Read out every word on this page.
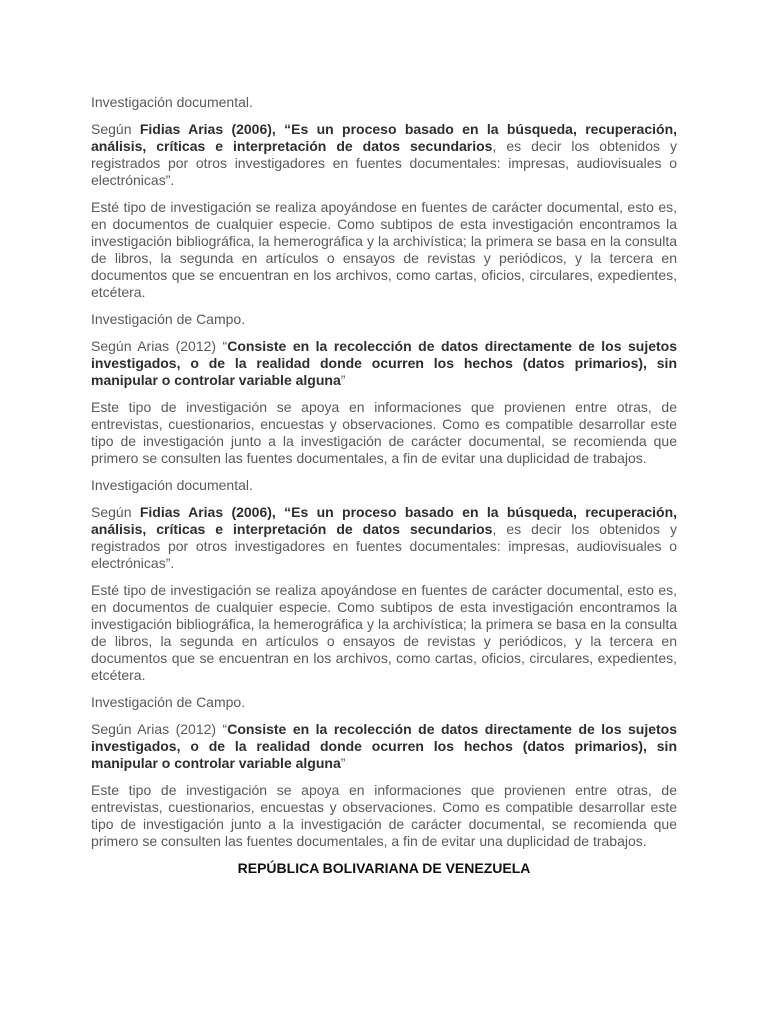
Investigación documental.
Según Fidias Arias (2006), “Es un proceso basado en la búsqueda, recuperación, análisis, críticas e interpretación de datos secundarios, es decir los obtenidos y registrados por otros investigadores en fuentes documentales: impresas, audiovisuales o electrónicas”.
Esté tipo de investigación se realiza apoyándose en fuentes de carácter documental, esto es, en documentos de cualquier especie. Como subtipos de esta investigación encontramos la investigación bibliográfica, la hemerográfica y la archivística; la primera se basa en la consulta de libros, la segunda en artículos o ensayos de revistas y periódicos, y la tercera en documentos que se encuentran en los archivos, como cartas, oficios, circulares, expedientes, etcétera.
Investigación de Campo.
Según Arias (2012) “Consiste en la recolección de datos directamente de los sujetos investigados, o de la realidad donde ocurren los hechos (datos primarios), sin manipular o controlar variable alguna”
Este tipo de investigación se apoya en informaciones que provienen entre otras, de entrevistas, cuestionarios, encuestas y observaciones. Como es compatible desarrollar este tipo de investigación junto a la investigación de carácter documental, se recomienda que primero se consulten las fuentes documentales, a fin de evitar una duplicidad de trabajos.
Investigación documental.
Según Fidias Arias (2006), “Es un proceso basado en la búsqueda, recuperación, análisis, críticas e interpretación de datos secundarios, es decir los obtenidos y registrados por otros investigadores en fuentes documentales: impresas, audiovisuales o electrónicas”.
Esté tipo de investigación se realiza apoyándose en fuentes de carácter documental, esto es, en documentos de cualquier especie. Como subtipos de esta investigación encontramos la investigación bibliográfica, la hemerográfica y la archivística; la primera se basa en la consulta de libros, la segunda en artículos o ensayos de revistas y periódicos, y la tercera en documentos que se encuentran en los archivos, como cartas, oficios, circulares, expedientes, etcétera.
Investigación de Campo.
Según Arias (2012) “Consiste en la recolección de datos directamente de los sujetos investigados, o de la realidad donde ocurren los hechos (datos primarios), sin manipular o controlar variable alguna”
Este tipo de investigación se apoya en informaciones que provienen entre otras, de entrevistas, cuestionarios, encuestas y observaciones. Como es compatible desarrollar este tipo de investigación junto a la investigación de carácter documental, se recomienda que primero se consulten las fuentes documentales, a fin de evitar una duplicidad de trabajos.
REPÚBLICA BOLIVARIANA DE VENEZUELA
